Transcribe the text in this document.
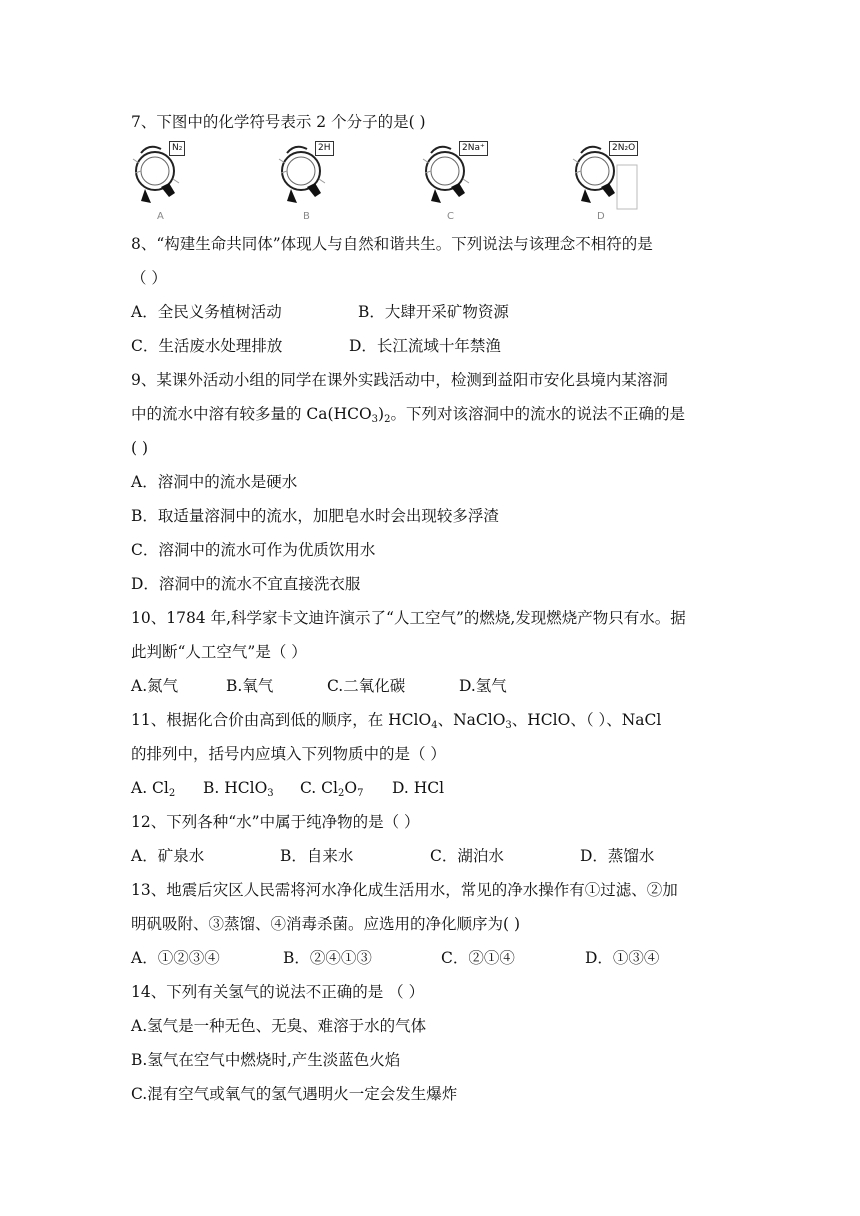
7、下图中的化学符号表示 2 个分子的是( )
N₂
A
2H
B
2Na⁺
C
2N₂O
D
8、“构建生命共同体”体现人与自然和谐共生。下列说法与该理念不相符的是
（ ）
A．全民义务植树活动	B．大肆开采矿物资源
C．生活废水处理排放	D．长江流域十年禁渔
9、某课外活动小组的同学在课外实践活动中，检测到益阳市安化县境内某溶洞
中的流水中溶有较多量的 $Ca(HCO_3)_2$。下列对该溶洞中的流水的说法不正确的是
( )
A．溶洞中的流水是硬水
B．取适量溶洞中的流水，加肥皂水时会出现较多浮渣
C．溶洞中的流水可作为优质饮用水
D．溶洞中的流水不宜直接洗衣服
10、1784 年,科学家卡文迪许演示了“人工空气”的燃烧,发现燃烧产物只有水。据
此判断“人工空气”是（ ）
A.氮气	B.氧气	C.二氧化碳	D.氢气
11、根据化合价由高到低的顺序，在 HClO$_4$、NaClO$_3$、HClO、（ ）、NaCl
的排列中，括号内应填入下列物质中的是（ ）
A. $Cl_2$ B. HClO$_3$ C. $Cl_2O_7$ D. HCl
12、下列各种“水”中属于纯净物的是（ ）
A．矿泉水	B．自来水	C．湖泊水	D．蒸馏水
13、地震后灾区人民需将河水净化成生活用水，常见的净水操作有①过滤、②加
明矾吸附、③蒸馏、④消毒杀菌。应选用的净化顺序为( )
A．①②③④	B．②④①③	C．②①④	D．①③④
14、下列有关氢气的说法不正确的是 （ ）
A.氢气是一种无色、无臭、难溶于水的气体
B.氢气在空气中燃烧时,产生淡蓝色火焰
C.混有空气或氧气的氢气遇明火一定会发生爆炸
